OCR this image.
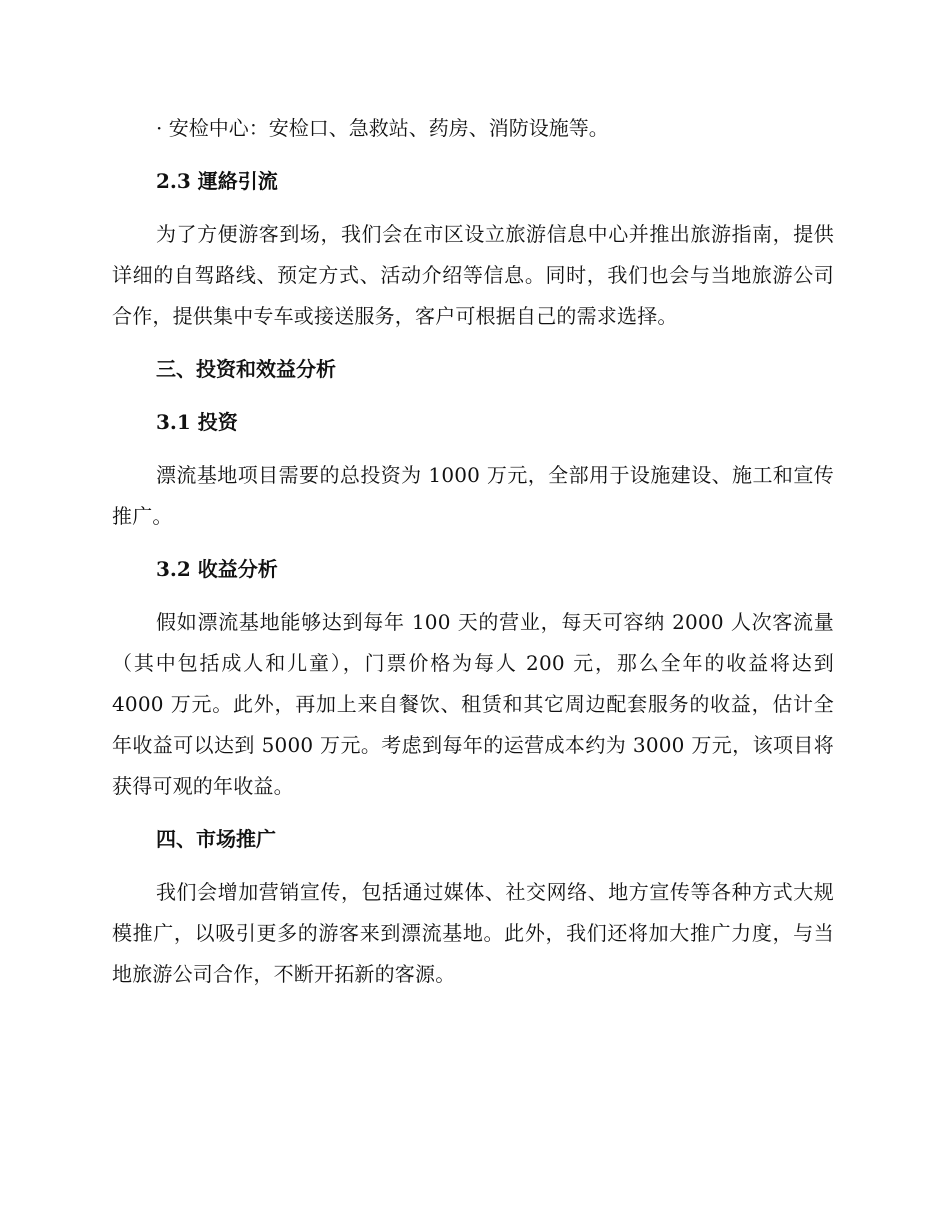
· 安检中心：安检口、急救站、药房、消防设施等。

2.3 運絡引流

为了方便游客到场，我们会在市区设立旅游信息中心并推出旅游指南，提供详细的自驾路线、预定方式、活动介绍等信息。同时，我们也会与当地旅游公司合作，提供集中专车或接送服务，客户可根据自己的需求选择。

三、投资和效益分析

3.1 投资

漂流基地项目需要的总投资为 1000 万元，全部用于设施建设、施工和宣传推广。

3.2 收益分析

假如漂流基地能够达到每年 100 天的营业，每天可容纳 2000 人次客流量（其中包括成人和儿童），门票价格为每人 200 元，那么全年的收益将达到 4000 万元。此外，再加上来自餐饮、租赁和其它周边配套服务的收益，估计全年收益可以达到 5000 万元。考虑到每年的运营成本约为 3000 万元，该项目将获得可观的年收益。

四、市场推广

我们会增加营销宣传，包括通过媒体、社交网络、地方宣传等各种方式大规模推广，以吸引更多的游客来到漂流基地。此外，我们还将加大推广力度，与当地旅游公司合作，不断开拓新的客源。
